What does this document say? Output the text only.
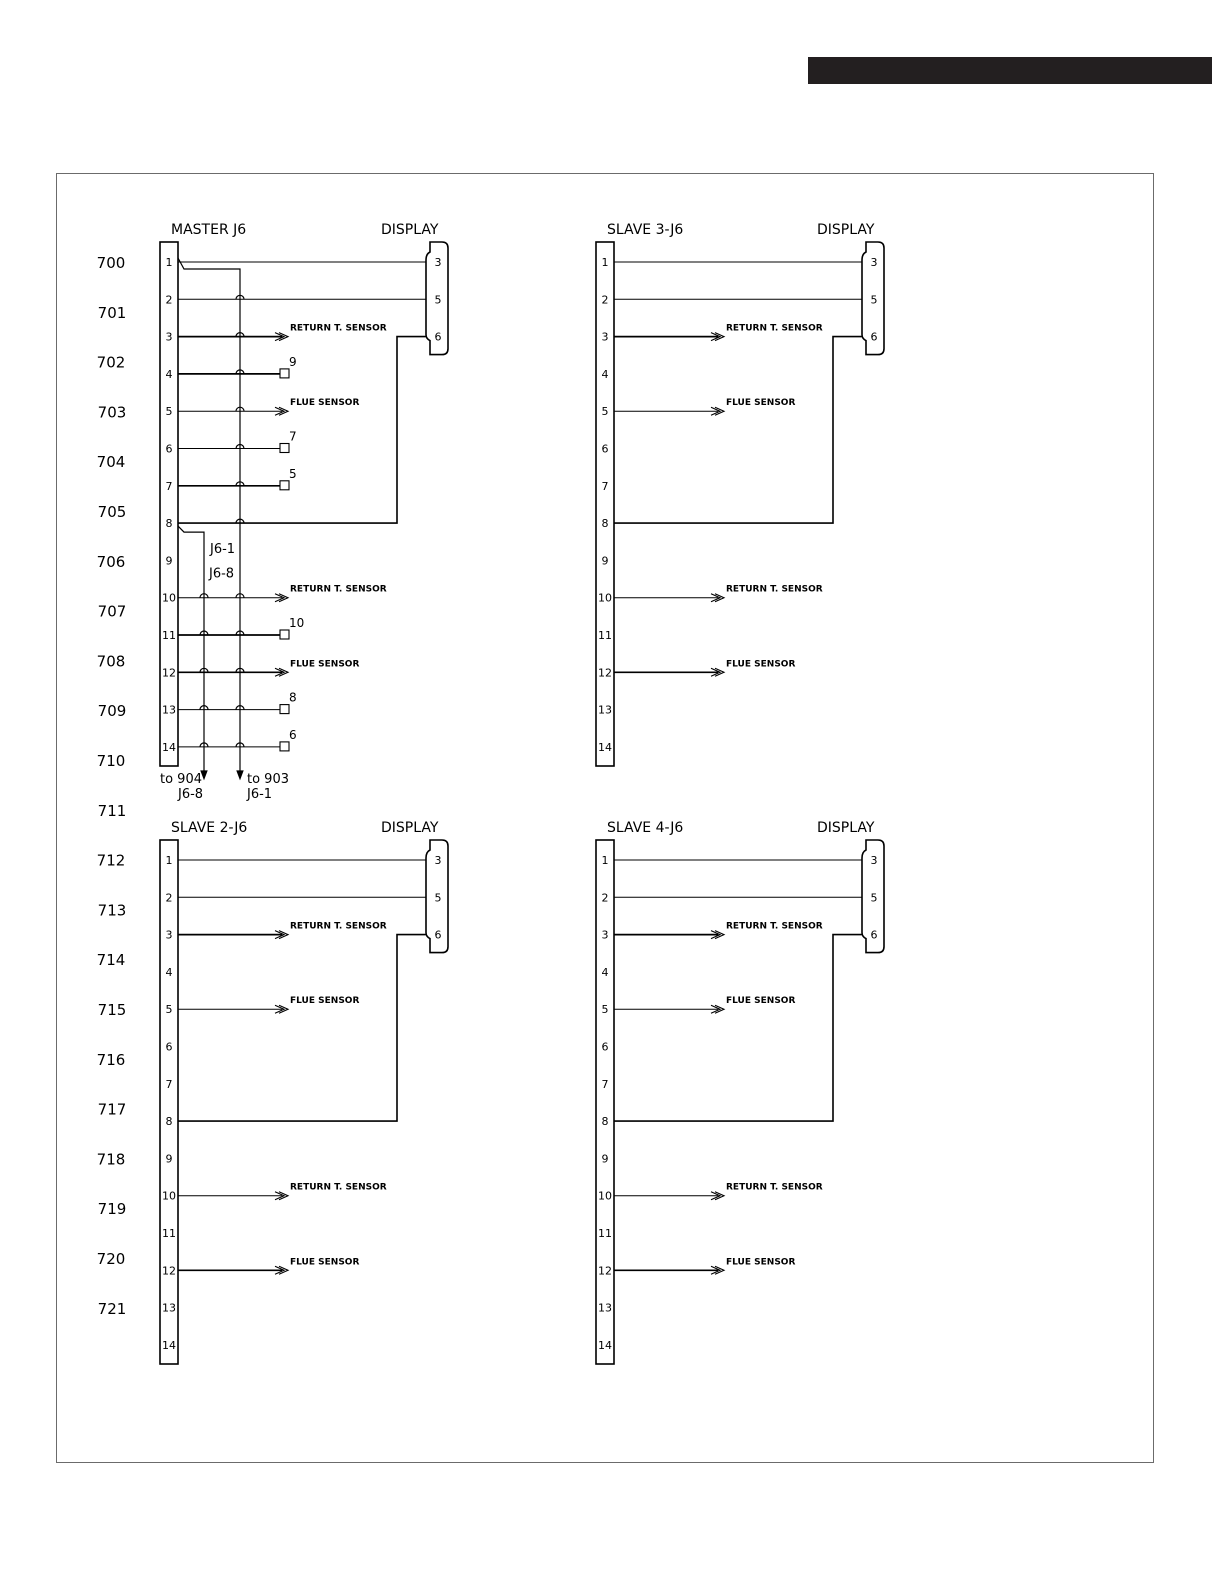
700
701
702
703
704
705
706
707
708
709
710
711
712
713
714
715
716
717
718
719
720
721
MASTER J6	DISPLAY
1
2
3
4
5
6
7
8
9
10
11
12
13
14
3
5
6
RETURN T. SENSOR
FLUE SENSOR
RETURN T. SENSOR
FLUE SENSOR
9
7
5
10
8
6
J6-1
J6-8
to 904
J6-8
to 903
J6-1
SLAVE 3-J6	DISPLAY
1
2
3
4
5
6
7
8
9
10
11
12
13
14
3
5
6
RETURN T. SENSOR
FLUE SENSOR
RETURN T. SENSOR
FLUE SENSOR
SLAVE 2-J6	DISPLAY
1
2
3
4
5
6
7
8
9
10
11
12
13
14
3
5
6
RETURN T. SENSOR
FLUE SENSOR
RETURN T. SENSOR
FLUE SENSOR
SLAVE 4-J6	DISPLAY
1
2
3
4
5
6
7
8
9
10
11
12
13
14
3
5
6
RETURN T. SENSOR
FLUE SENSOR
RETURN T. SENSOR
FLUE SENSOR
